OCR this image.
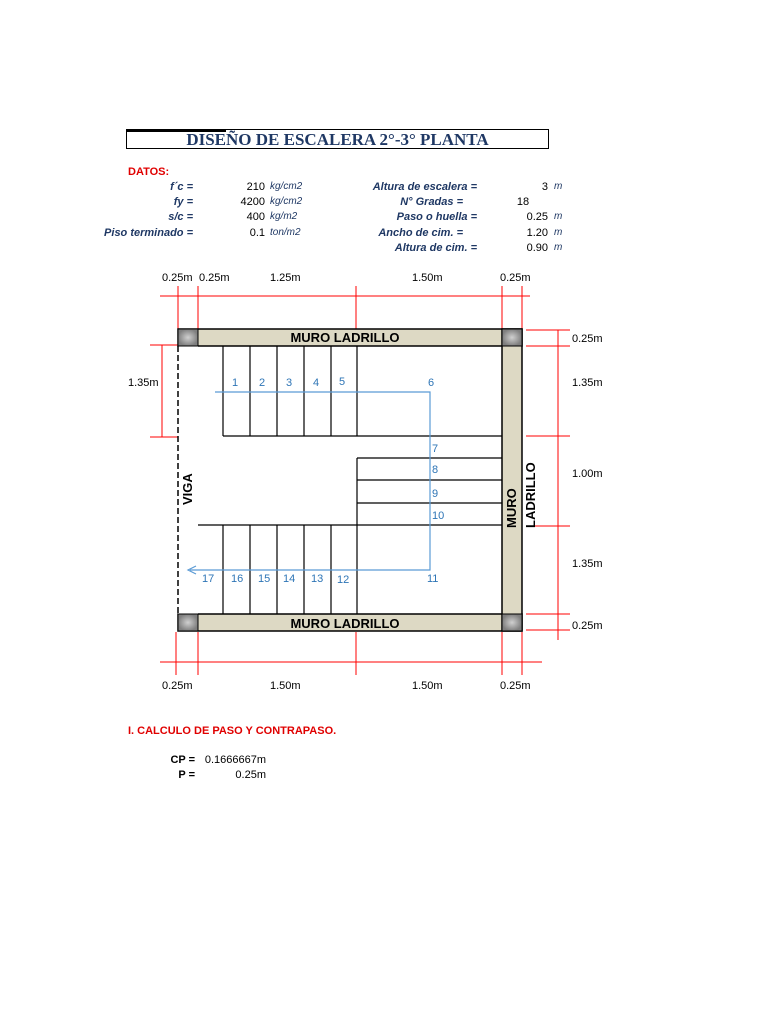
DISEÑO DE ESCALERA 2°-3° PLANTA
DATOS:
f´c =	210 kg/cm2
fy =	4200 kg/cm2
s/c =	400 kg/m2
Piso terminado =	0.1 ton/m2
Altura de escalera =	3 m
N° Gradas =	18
Paso o huella =	0.25 m
Ancho de cim. =	1.20 m
Altura de cim. =	0.90 m
0.25m 0.25m	1.25m	1.50m	0.25m
0.25m	1.50m	1.50m	0.25m
1.35m
0.25m
1.35m
1.00m
1.35m
0.25m
1 2 3 4 5	6
7
8
9
10
11
12
13
14
15
16
17
MURO LADRILLO
MURO LADRILLO
MURO LADRILLO
VIGA
I. CALCULO DE PASO Y CONTRAPASO.
CP = 0.1666667m
P =	0.25m
